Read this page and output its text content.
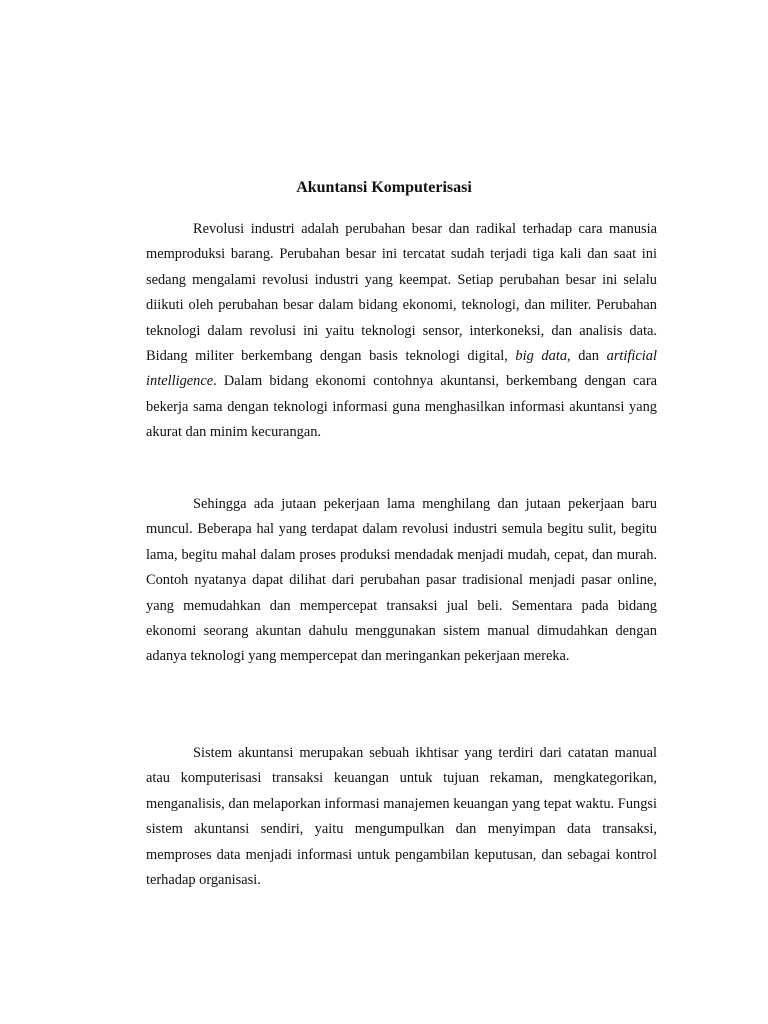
Akuntansi Komputerisasi

Revolusi industri adalah perubahan besar dan radikal terhadap cara manusia memproduksi barang. Perubahan besar ini tercatat sudah terjadi tiga kali dan saat ini sedang mengalami revolusi industri yang keempat. Setiap perubahan besar ini selalu diikuti oleh perubahan besar dalam bidang ekonomi, teknologi, dan militer. Perubahan teknologi dalam revolusi ini yaitu teknologi sensor, interkoneksi, dan analisis data. Bidang militer berkembang dengan basis teknologi digital, big data, dan artificial intelligence. Dalam bidang ekonomi contohnya akuntansi, berkembang dengan cara bekerja sama dengan teknologi informasi guna menghasilkan informasi akuntansi yang akurat dan minim kecurangan.

Sehingga ada jutaan pekerjaan lama menghilang dan jutaan pekerjaan baru muncul. Beberapa hal yang terdapat dalam revolusi industri semula begitu sulit, begitu lama, begitu mahal dalam proses produksi mendadak menjadi mudah, cepat, dan murah. Contoh nyatanya dapat dilihat dari perubahan pasar tradisional menjadi pasar online, yang memudahkan dan mempercepat transaksi jual beli. Sementara pada bidang ekonomi seorang akuntan dahulu menggunakan sistem manual dimudahkan dengan adanya teknologi yang mempercepat dan meringankan pekerjaan mereka.

Sistem akuntansi merupakan sebuah ikhtisar yang terdiri dari catatan manual atau komputerisasi transaksi keuangan untuk tujuan rekaman, mengkategorikan, menganalisis, dan melaporkan informasi manajemen keuangan yang tepat waktu. Fungsi sistem akuntansi sendiri, yaitu mengumpulkan dan menyimpan data transaksi, memproses data menjadi informasi untuk pengambilan keputusan, dan sebagai kontrol terhadap organisasi.
